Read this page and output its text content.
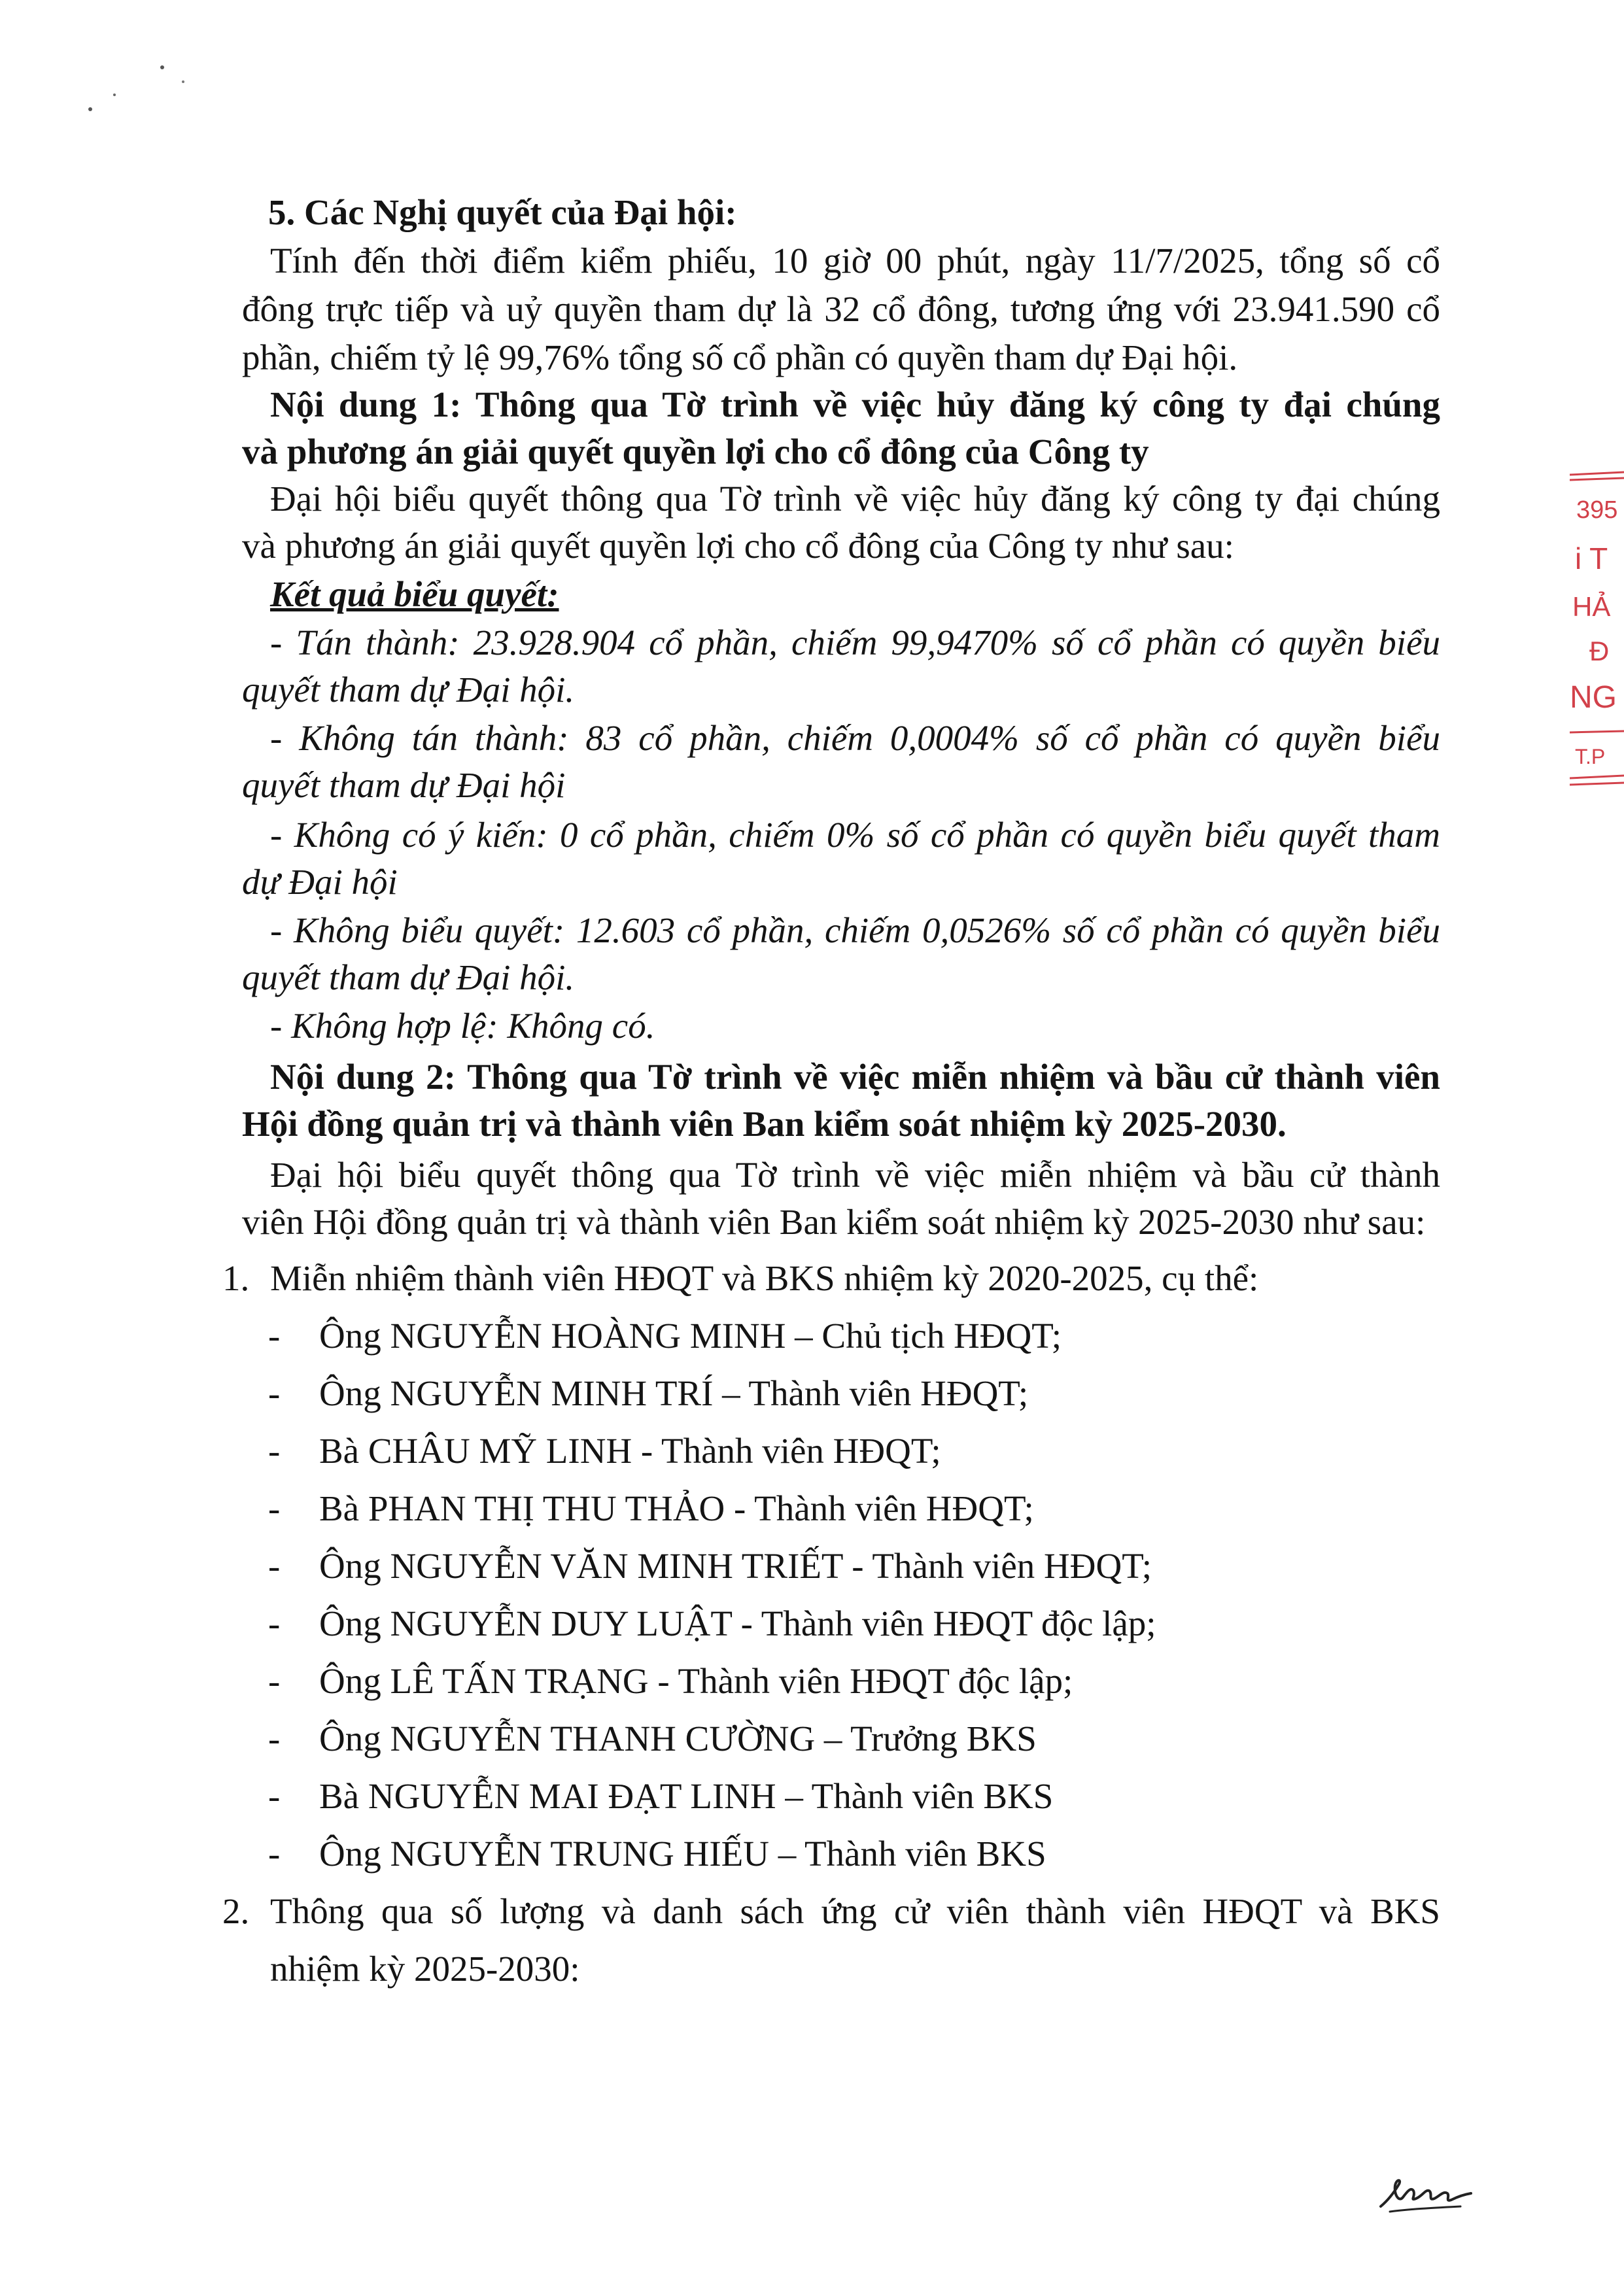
5. Các Nghị quyết của Đại hội:
Tính đến thời điểm kiểm phiếu, 10 giờ 00 phút, ngày 11/7/2025, tổng số cổ
đông trực tiếp và uỷ quyền tham dự là 32 cổ đông, tương ứng với 23.941.590 cổ
phần, chiếm tỷ lệ 99,76% tổng số cổ phần có quyền tham dự Đại hội.
Nội dung 1: Thông qua Tờ trình về việc hủy đăng ký công ty đại chúng
và phương án giải quyết quyền lợi cho cổ đông của Công ty
Đại hội biểu quyết thông qua Tờ trình về việc hủy đăng ký công ty đại chúng
và phương án giải quyết quyền lợi cho cổ đông của Công ty như sau:
Kết quả biểu quyết:
- Tán thành: 23.928.904 cổ phần, chiếm 99,9470% số cổ phần có quyền biểu
quyết tham dự Đại hội.
- Không tán thành: 83 cổ phần, chiếm 0,0004% số cổ phần có quyền biểu
quyết tham dự Đại hội
- Không có ý kiến: 0 cổ phần, chiếm 0% số cổ phần có quyền biểu quyết tham
dự Đại hội
- Không biểu quyết: 12.603 cổ phần, chiếm 0,0526% số cổ phần có quyền biểu
quyết tham dự Đại hội.
- Không hợp lệ: Không có.
Nội dung 2: Thông qua Tờ trình về việc miễn nhiệm và bầu cử thành viên
Hội đồng quản trị và thành viên Ban kiểm soát nhiệm kỳ 2025-2030.
Đại hội biểu quyết thông qua Tờ trình về việc miễn nhiệm và bầu cử thành
viên Hội đồng quản trị và thành viên Ban kiểm soát nhiệm kỳ 2025-2030 như sau:
1. Miễn nhiệm thành viên HĐQT và BKS nhiệm kỳ 2020-2025, cụ thể:
- Ông NGUYỄN HOÀNG MINH – Chủ tịch HĐQT;
- Ông NGUYỄN MINH TRÍ – Thành viên HĐQT;
- Bà CHÂU MỸ LINH - Thành viên HĐQT;
- Bà PHAN THỊ THU THẢO - Thành viên HĐQT;
- Ông NGUYỄN VĂN MINH TRIẾT - Thành viên HĐQT;
- Ông NGUYỄN DUY LUẬT - Thành viên HĐQT độc lập;
- Ông LÊ TẤN TRẠNG - Thành viên HĐQT độc lập;
- Ông NGUYỄN THANH CƯỜNG – Trưởng BKS
- Bà NGUYỄN MAI ĐẠT LINH – Thành viên BKS
- Ông NGUYỄN TRUNG HIẾU – Thành viên BKS
2. Thông qua số lượng và danh sách ứng cử viên thành viên HĐQT và BKS
nhiệm kỳ 2025-2030:
395
i T
HẢ
Đ
NG
T.P
